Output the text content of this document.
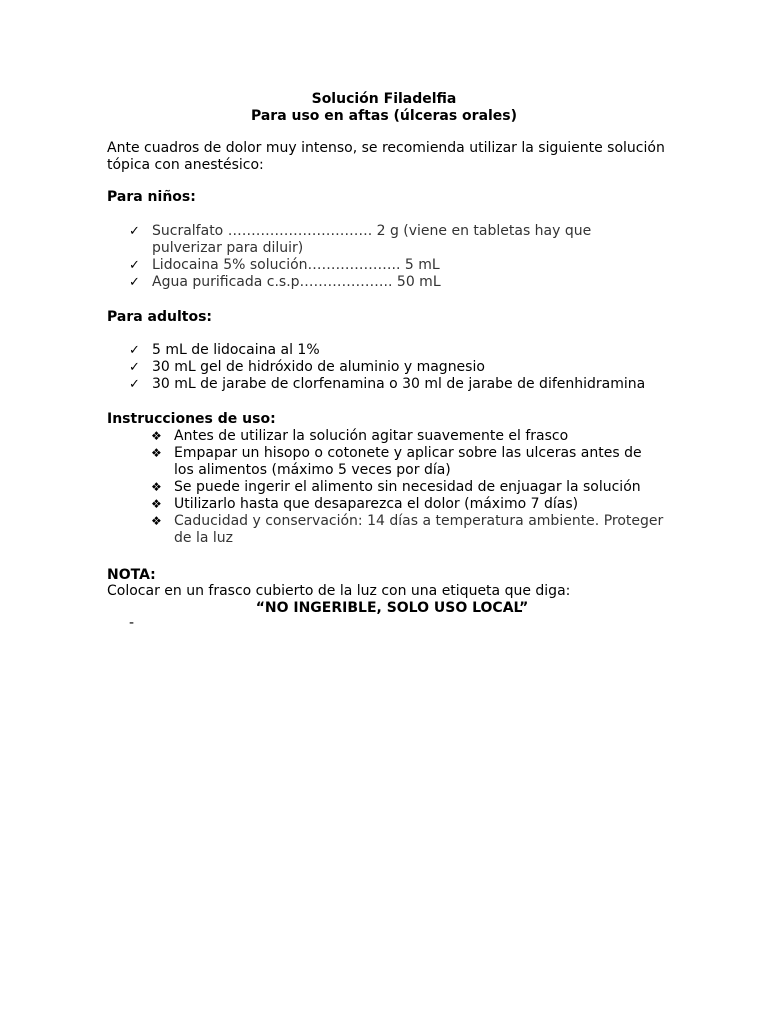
Solución Filadelfia
Para uso en aftas (úlceras orales)

Ante cuadros de dolor muy intenso, se recomienda utilizar la siguiente solución tópica con anestésico:

Para niños:
✓ Sucralfato …………………………. 2 g (viene en tabletas hay que pulverizar para diluir)
✓ Lidocaina 5% solución……………….. 5 mL
✓ Agua purificada c.s.p……………….. 50 mL
Para adultos:
✓ 5 mL de lidocaina al 1%
✓ 30 mL gel de hidróxido de aluminio y magnesio
✓ 30 mL de jarabe de clorfenamina o 30 ml de jarabe de difenhidramina
Instrucciones de uso:
❖ Antes de utilizar la solución agitar suavemente el frasco
❖ Empapar un hisopo o cotonete y aplicar sobre las ulceras antes de los alimentos (máximo 5 veces por día)
❖ Se puede ingerir el alimento sin necesidad de enjuagar la solución
❖ Utilizarlo hasta que desaparezca el dolor (máximo 7 días)
❖ Caducidad y conservación: 14 días a temperatura ambiente. Proteger de la luz
NOTA:

Colocar en un frasco cubierto de la luz con una etiqueta que diga:

“NO INGERIBLE, SOLO USO LOCAL”
-
